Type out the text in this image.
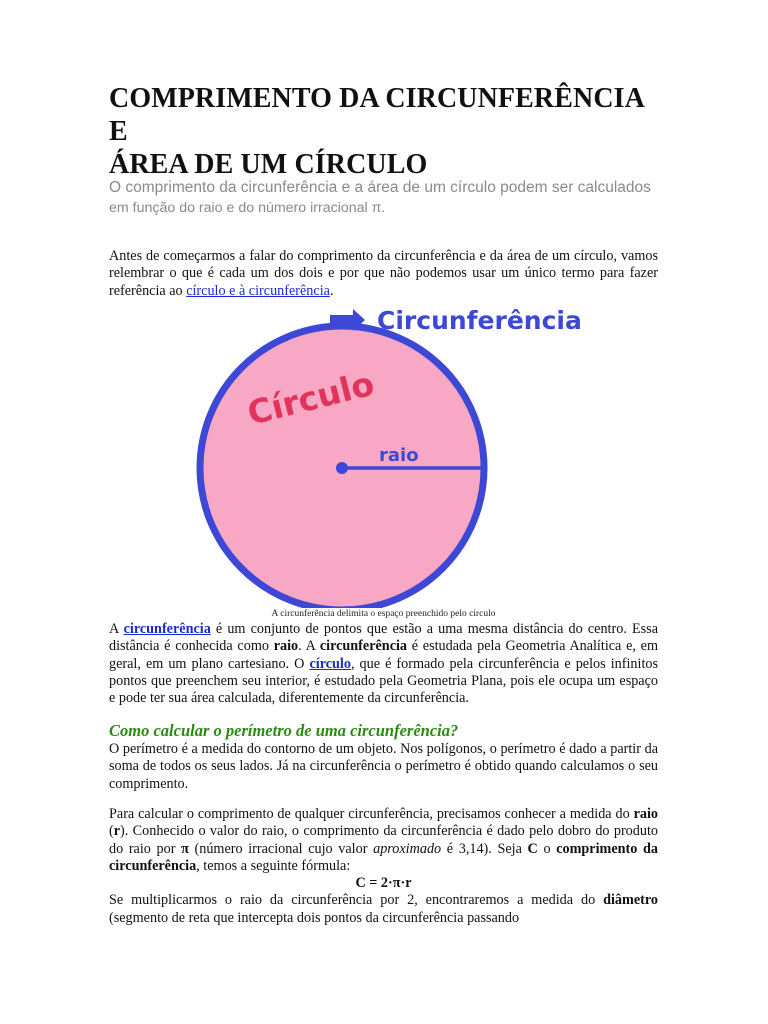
COMPRIMENTO DA CIRCUNFERÊNCIA E
ÁREA DE UM CÍRCULO

O comprimento da circunferência e a área de um círculo podem ser calculados
em função do raio e do número irracional π.

Antes de começarmos a falar do comprimento da circunferência e da área de um círculo, vamos relembrar o que é cada um dos dois e por que não podemos usar um único termo para fazer referência ao círculo e à circunferência.

Circunferência
Círculo
raio
A circunferência delimita o espaço preenchido pelo círculo

A circunferência é um conjunto de pontos que estão a uma mesma distância do centro. Essa distância é conhecida como raio. A circunferência é estudada pela Geometria Analítica e, em geral, em um plano cartesiano. O círculo, que é formado pela circunferência e pelos infinitos pontos que preenchem seu interior, é estudado pela Geometria Plana, pois ele ocupa um espaço e pode ter sua área calculada, diferentemente da circunferência.

Como calcular o perímetro de uma circunferência?

O perímetro é a medida do contorno de um objeto. Nos polígonos, o perímetro é dado a partir da soma de todos os seus lados. Já na circunferência o perímetro é obtido quando calculamos o seu comprimento.

Para calcular o comprimento de qualquer circunferência, precisamos conhecer a medida do raio (r). Conhecido o valor do raio, o comprimento da circunferência é dado pelo dobro do produto do raio por π (número irracional cujo valor aproximado é 3,14). Seja C o comprimento da circunferência, temos a seguinte fórmula:
C = 2·π·r
Se multiplicarmos o raio da circunferência por 2, encontraremos a medida do diâmetro (segmento de reta que intercepta dois pontos da circunferência passando
